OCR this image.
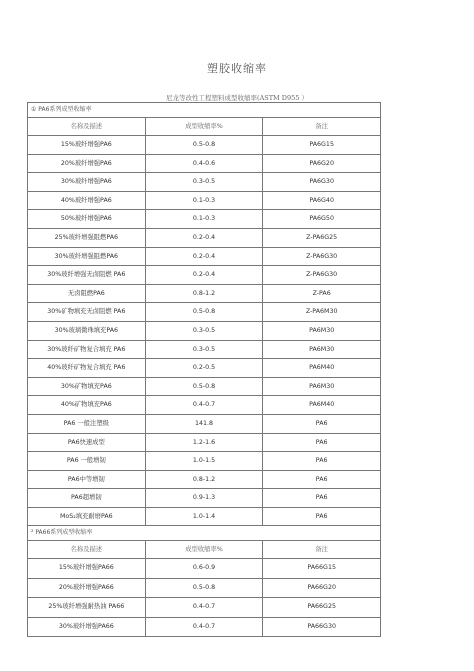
塑胶收缩率
尼龙等改性工程塑料成型收缩率(ASTM D955 ）
① PA6系列成型收缩率		
名称及描述	成型收缩率%	备注
15%玻纤增强PA6	0.5-0.8	PA6G15
20%玻纤增强PA6	0.4-0.6	PA6G20
30%玻纤增强PA6	0.3-0.5	PA6G30
40%玻纤增强PA6	0.1-0.3	PA6G40
50%玻纤增强PA6	0.1-0.3	PA6G50
25%玻纤增强阻燃PA6	0.2-0.4	Z-PA6G25
30%玻纤增强阻燃PA6	0.2-0.4	Z-PA6G30
30%玻纤增强无卤阻燃 PA6	0.2-0.4	Z-PA6G30
无卤阻燃PA6	0.8-1.2	Z-PA6
30%矿物填充无卤阻燃 PA6	0.5-0.8	Z-PA6M30
30%玻璃微珠填充PA6	0.3-0.5	PA6M30
30%玻纤矿物复合填充 PA6	0.3-0.5	PA6M30
40%玻纤矿物复合填充 PA6	0.2-0.5	PA6M40
30%矿物填充PA6	0.5-0.8	PA6M30
40%矿物填充PA6	0.4-0.7	PA6M40
PA6 一般注塑级	141.8	PA6
PA6快速成型	1.2-1.6	PA6
PA6 一般增韧	1.0-1.5	PA6
PA6中等增韧	0.8-1.2	PA6
PA6超增韧	0.9-1.3	PA6
MoS₂填充耐磨PA6	1.0-1.4	PA6
² PA66系列成型收缩率		
名称及描述	成型收缩率%	备注
15%玻纤增强PA66	0.6-0.9	PA66G15
20%玻纤增强PA66	0.5-0.8	PA66G20
25%玻纤增强耐热油 PA66	0.4-0.7	PA66G25
30%玻纤增强PA66	0.4-0.7	PA66G30
